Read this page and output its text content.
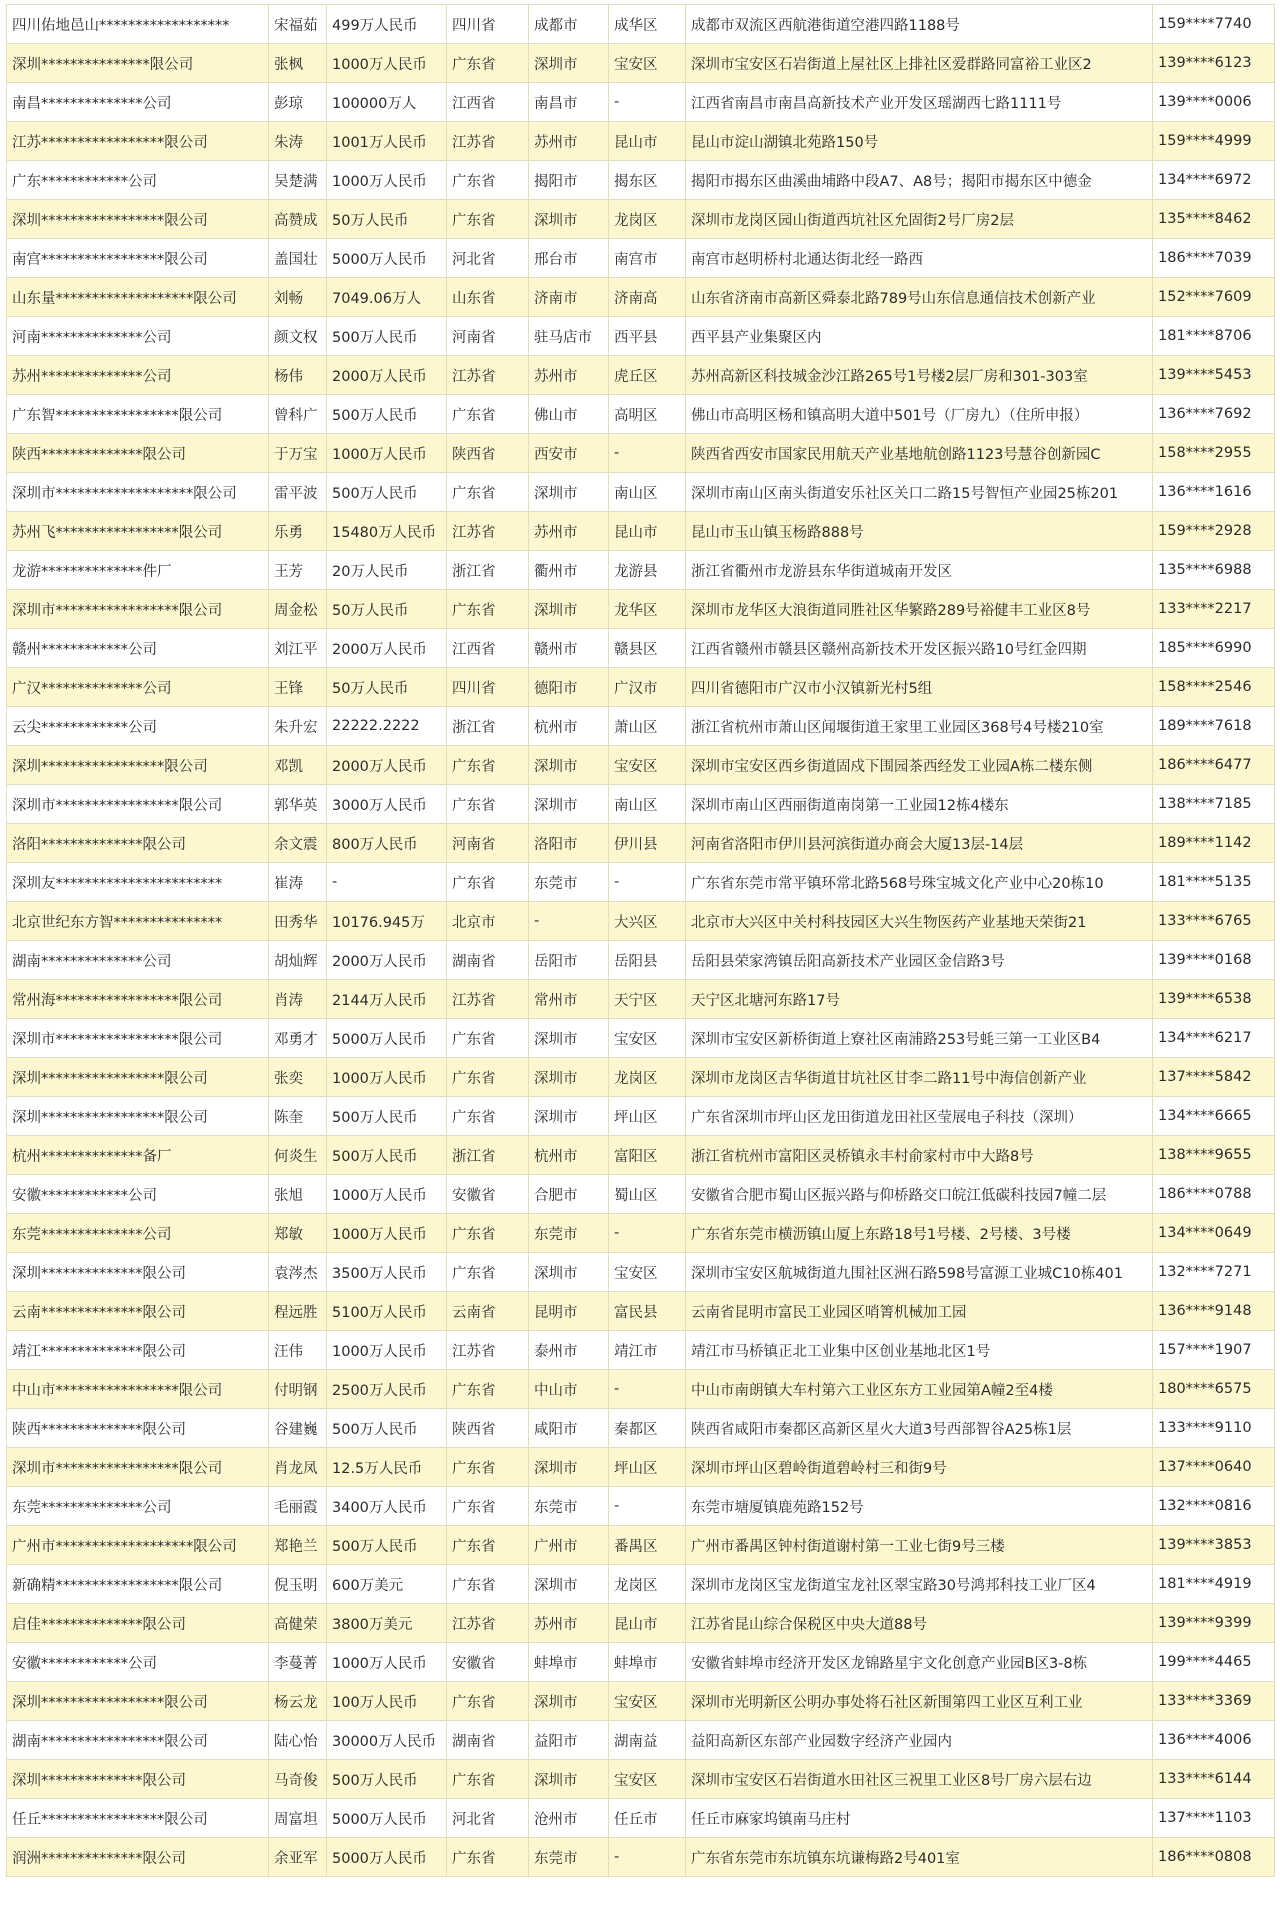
四川佑地邑山******************	宋福茹	499万人民币	四川省	成都市	成华区	成都市双流区西航港街道空港四路1188号	159****7740
深圳***************限公司	张枫	1000万人民币	广东省	深圳市	宝安区	深圳市宝安区石岩街道上屋社区上排社区爱群路同富裕工业区2	139****6123
南昌**************公司	彭琼	100000万人	江西省	南昌市	-	江西省南昌市南昌高新技术产业开发区瑶湖西七路1111号	139****0006
江苏*****************限公司	朱涛	1001万人民币	江苏省	苏州市	昆山市	昆山市淀山湖镇北苑路150号	159****4999
广东************公司	吴楚满	1000万人民币	广东省	揭阳市	揭东区	揭阳市揭东区曲溪曲埔路中段A7、A8号；揭阳市揭东区中德金	134****6972
深圳*****************限公司	高赞成	50万人民币	广东省	深圳市	龙岗区	深圳市龙岗区园山街道西坑社区允固街2号厂房2层	135****8462
南宫*****************限公司	盖国壮	5000万人民币	河北省	邢台市	南宫市	南宫市赵明桥村北通达街北经一路西	186****7039
山东量*******************限公司	刘畅	7049.06万人	山东省	济南市	济南高	山东省济南市高新区舜泰北路789号山东信息通信技术创新产业	152****7609
河南**************公司	颜文权	500万人民币	河南省	驻马店市	西平县	西平县产业集聚区内	181****8706
苏州**************公司	杨伟	2000万人民币	江苏省	苏州市	虎丘区	苏州高新区科技城金沙江路265号1号楼2层厂房和301-303室	139****5453
广东智*****************限公司	曾科广	500万人民币	广东省	佛山市	高明区	佛山市高明区杨和镇高明大道中501号（厂房九）（住所申报）	136****7692
陕西**************限公司	于万宝	1000万人民币	陕西省	西安市	-	陕西省西安市国家民用航天产业基地航创路1123号慧谷创新园C	158****2955
深圳市*******************限公司	雷平波	500万人民币	广东省	深圳市	南山区	深圳市南山区南头街道安乐社区关口二路15号智恒产业园25栋201	136****1616
苏州飞*****************限公司	乐勇	15480万人民币	江苏省	苏州市	昆山市	昆山市玉山镇玉杨路888号	159****2928
龙游**************件厂	王芳	20万人民币	浙江省	衢州市	龙游县	浙江省衢州市龙游县东华街道城南开发区	135****6988
深圳市*****************限公司	周金松	50万人民币	广东省	深圳市	龙华区	深圳市龙华区大浪街道同胜社区华繁路289号裕健丰工业区8号	133****2217
赣州************公司	刘江平	2000万人民币	江西省	赣州市	赣县区	江西省赣州市赣县区赣州高新技术开发区振兴路10号红金四期	185****6990
广汉**************公司	王锋	50万人民币	四川省	德阳市	广汉市	四川省德阳市广汉市小汉镇新光村5组	158****2546
云尖************公司	朱升宏	22222.2222	浙江省	杭州市	萧山区	浙江省杭州市萧山区闻堰街道王家里工业园区368号4号楼210室	189****7618
深圳*****************限公司	邓凯	2000万人民币	广东省	深圳市	宝安区	深圳市宝安区西乡街道固戍下围园茶西经发工业园A栋二楼东侧	186****6477
深圳市*****************限公司	郭华英	3000万人民币	广东省	深圳市	南山区	深圳市南山区西丽街道南岗第一工业园12栋4楼东	138****7185
洛阳**************限公司	余文震	800万人民币	河南省	洛阳市	伊川县	河南省洛阳市伊川县河滨街道办商会大厦13层-14层	189****1142
深圳友***********************	崔涛	-	广东省	东莞市	-	广东省东莞市常平镇环常北路568号珠宝城文化产业中心20栋10	181****5135
北京世纪东方智***************	田秀华	10176.945万	北京市	-	大兴区	北京市大兴区中关村科技园区大兴生物医药产业基地天荣街21	133****6765
湖南**************公司	胡灿辉	2000万人民币	湖南省	岳阳市	岳阳县	岳阳县荣家湾镇岳阳高新技术产业园区金信路3号	139****0168
常州海*****************限公司	肖涛	2144万人民币	江苏省	常州市	天宁区	天宁区北塘河东路17号	139****6538
深圳市*****************限公司	邓勇才	5000万人民币	广东省	深圳市	宝安区	深圳市宝安区新桥街道上寮社区南浦路253号蚝三第一工业区B4	134****6217
深圳*****************限公司	张奕	1000万人民币	广东省	深圳市	龙岗区	深圳市龙岗区吉华街道甘坑社区甘李二路11号中海信创新产业	137****5842
深圳*****************限公司	陈奎	500万人民币	广东省	深圳市	坪山区	广东省深圳市坪山区龙田街道龙田社区莹展电子科技（深圳）	134****6665
杭州**************备厂	何炎生	500万人民币	浙江省	杭州市	富阳区	浙江省杭州市富阳区灵桥镇永丰村俞家村市中大路8号	138****9655
安徽************公司	张旭	1000万人民币	安徽省	合肥市	蜀山区	安徽省合肥市蜀山区振兴路与仰桥路交口皖江低碳科技园7幢二层	186****0788
东莞**************公司	郑敏	1000万人民币	广东省	东莞市	-	广东省东莞市横沥镇山厦上东路18号1号楼、2号楼、3号楼	134****0649
深圳**************限公司	袁涔杰	3500万人民币	广东省	深圳市	宝安区	深圳市宝安区航城街道九围社区洲石路598号富源工业城C10栋401	132****7271
云南**************限公司	程远胜	5100万人民币	云南省	昆明市	富民县	云南省昆明市富民工业园区哨箐机械加工园	136****9148
靖江**************限公司	汪伟	1000万人民币	江苏省	泰州市	靖江市	靖江市马桥镇正北工业集中区创业基地北区1号	157****1907
中山市*****************限公司	付明钢	2500万人民币	广东省	中山市	-	中山市南朗镇大车村第六工业区东方工业园第A幢2至4楼	180****6575
陕西**************限公司	谷建巍	500万人民币	陕西省	咸阳市	秦都区	陕西省咸阳市秦都区高新区星火大道3号西部智谷A25栋1层	133****9110
深圳市*****************限公司	肖龙凤	12.5万人民币	广东省	深圳市	坪山区	深圳市坪山区碧岭街道碧岭村三和街9号	137****0640
东莞**************公司	毛丽霞	3400万人民币	广东省	东莞市	-	东莞市塘厦镇鹿苑路152号	132****0816
广州市*******************限公司	郑艳兰	500万人民币	广东省	广州市	番禺区	广州市番禺区钟村街道谢村第一工业七街9号三楼	139****3853
新确精*****************限公司	倪玉明	600万美元	广东省	深圳市	龙岗区	深圳市龙岗区宝龙街道宝龙社区翠宝路30号鸿邦科技工业厂区4	181****4919
启佳**************限公司	高健荣	3800万美元	江苏省	苏州市	昆山市	江苏省昆山综合保税区中央大道88号	139****9399
安徽************公司	李蔓菁	1000万人民币	安徽省	蚌埠市	蚌埠市	安徽省蚌埠市经济开发区龙锦路星宇文化创意产业园B区3-8栋	199****4465
深圳*****************限公司	杨云龙	100万人民币	广东省	深圳市	宝安区	深圳市光明新区公明办事处将石社区新围第四工业区互利工业	133****3369
湖南*****************限公司	陆心怡	30000万人民币	湖南省	益阳市	湖南益	益阳高新区东部产业园数字经济产业园内	136****4006
深圳**************限公司	马奇俊	500万人民币	广东省	深圳市	宝安区	深圳市宝安区石岩街道水田社区三祝里工业区8号厂房六层右边	133****6144
任丘*****************限公司	周富坦	5000万人民币	河北省	沧州市	任丘市	任丘市麻家坞镇南马庄村	137****1103
润洲**************限公司	余亚军	5000万人民币	广东省	东莞市	-	广东省东莞市东坑镇东坑谦梅路2号401室	186****0808
